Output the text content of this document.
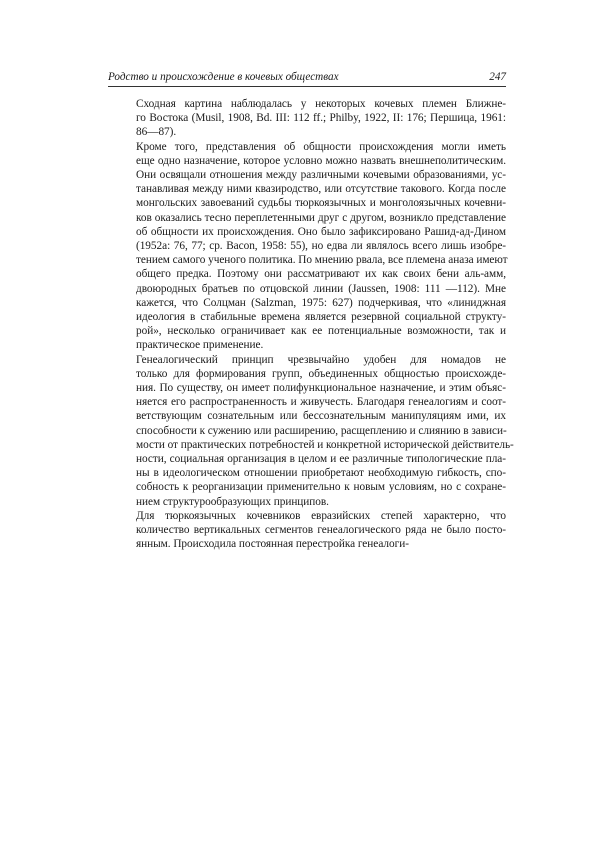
Родство и происхождение в кочевых обществах	247

Сходная картина наблюдалась у некоторых кочевых племен Ближне-
го Востока (Musil, 1908, Bd. III: 112 ff.; Philby, 1922, II: 176; Першица, 1961:
86—87).

Кроме того, представления об общности происхождения могли иметь
еще одно назначение, которое условно можно назвать внешнеполитическим.
Они освящали отношения между различными кочевыми образованиями, ус-
танавливая между ними квазиродство, или отсутствие такового. Когда после
монгольских завоеваний судьбы тюркоязычных и монголоязычных кочевни-
ков оказались тесно переплетенными друг с другом, возникло представление
об общности их происхождения. Оно было зафиксировано Рашид-ад-Дином
(1952a: 76, 77; ср. Bacon, 1958: 55), но едва ли являлось всего лишь изобре-
тением самого ученого политика. По мнению рвала, все племена аназа имеют
общего предка. Поэтому они рассматривают их как своих бени аль-амм,
двоюродных братьев по отцовской линии (Jaussen, 1908: 111 —112). Мне
кажется, что Солцман (Salzman, 1975: 627) подчеркивая, что «линиджная
идеология в стабильные времена является резервной социальной структу-
рой», несколько ограничивает как ее потенциальные возможности, так и
практическое применение.

Генеалогический принцип чрезвычайно удобен для номадов не
только для формирования групп, объединенных общностью происхожде-
ния. По существу, он имеет полифункциональное назначение, и этим объяс-
няется его распространенность и живучесть. Благодаря генеалогиям и соот-
ветствующим сознательным или бессознательным манипуляциям ими, их
способности к сужению или расширению, расщеплению и слиянию в зависи-
мости от практических потребностей и конкретной исторической действитель-
ности, социальная организация в целом и ее различные типологические пла-
ны в идеологическом отношении приобретают необходимую гибкость, спо-
собность к реорганизации применительно к новым условиям, но с сохране-
нием структурообразующих принципов.

Для тюркоязычных кочевников евразийских степей характерно, что
количество вертикальных сегментов генеалогического ряда не было посто-
янным. Происходила постоянная перестройка генеалоги-
